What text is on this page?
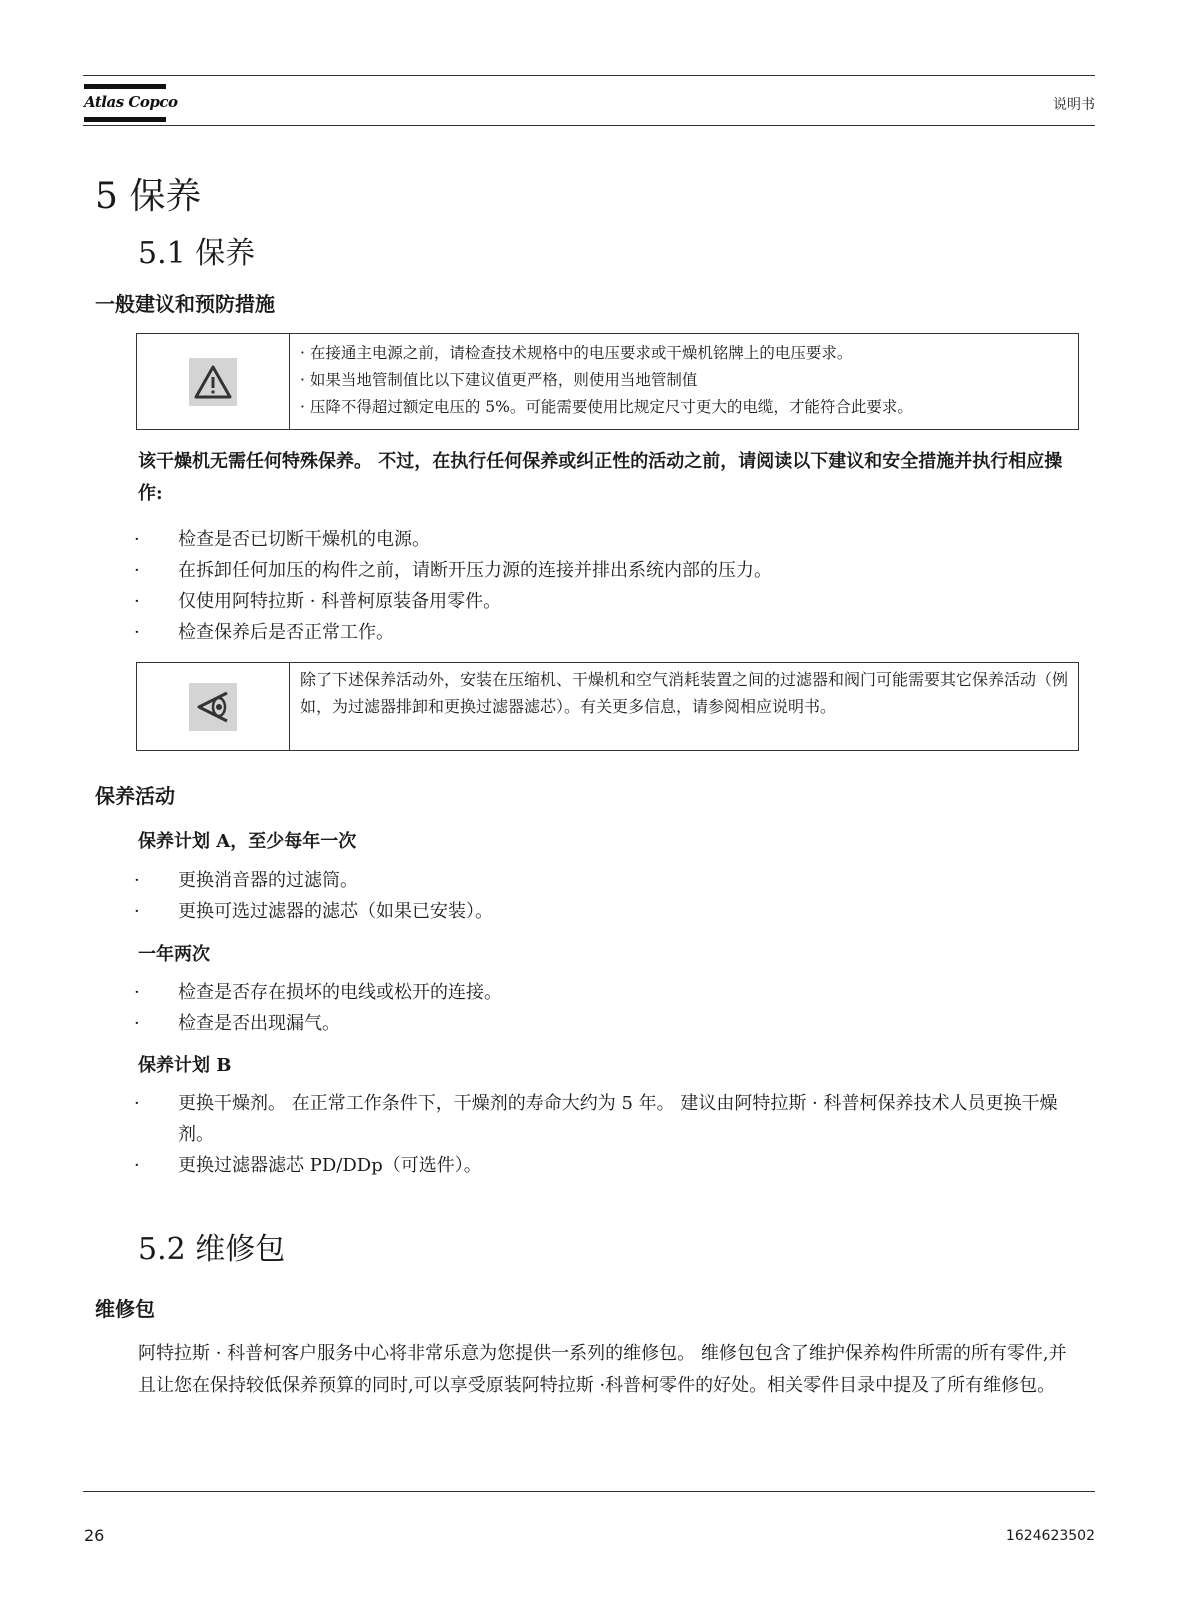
Atlas Copco	说明书
5 保养
5.1 保养
一般建议和预防措施
· 在接通主电源之前，请检查技术规格中的电压要求或干燥机铭牌上的电压要求。
· 如果当地管制值比以下建议值更严格，则使用当地管制值
· 压降不得超过额定电压的 5%。可能需要使用比规定尺寸更大的电缆，才能符合此要求。
该干燥机无需任何特殊保养。 不过，在执行任何保养或纠正性的活动之前，请阅读以下建议和安全措施并执行相应操作:
· 检查是否已切断干燥机的电源。
· 在拆卸任何加压的构件之前，请断开压力源的连接并排出系统内部的压力。
· 仅使用阿特拉斯 · 科普柯原装备用零件。
· 检查保养后是否正常工作。
除了下述保养活动外，安装在压缩机、干燥机和空气消耗装置之间的过滤器和阀门可能需要其它保养活动（例如，为过滤器排卸和更换过滤器滤芯）。有关更多信息，请参阅相应说明书。
保养活动
保养计划 A，至少每年一次
· 更换消音器的过滤筒。
· 更换可选过滤器的滤芯（如果已安装）。
一年两次
· 检查是否存在损坏的电线或松开的连接。
· 检查是否出现漏气。
保养计划 B
· 更换干燥剂。 在正常工作条件下，干燥剂的寿命大约为 5 年。 建议由阿特拉斯 · 科普柯保养技术人员更换干燥剂。
· 更换过滤器滤芯 PD/DDp（可选件）。
5.2 维修包
维修包
阿特拉斯 · 科普柯客户服务中心将非常乐意为您提供一系列的维修包。 维修包包含了维护保养构件所需的所有零件,并且让您在保持较低保养预算的同时,可以享受原装阿特拉斯 ·科普柯零件的好处。相关零件目录中提及了所有维修包。
26	1624623502
